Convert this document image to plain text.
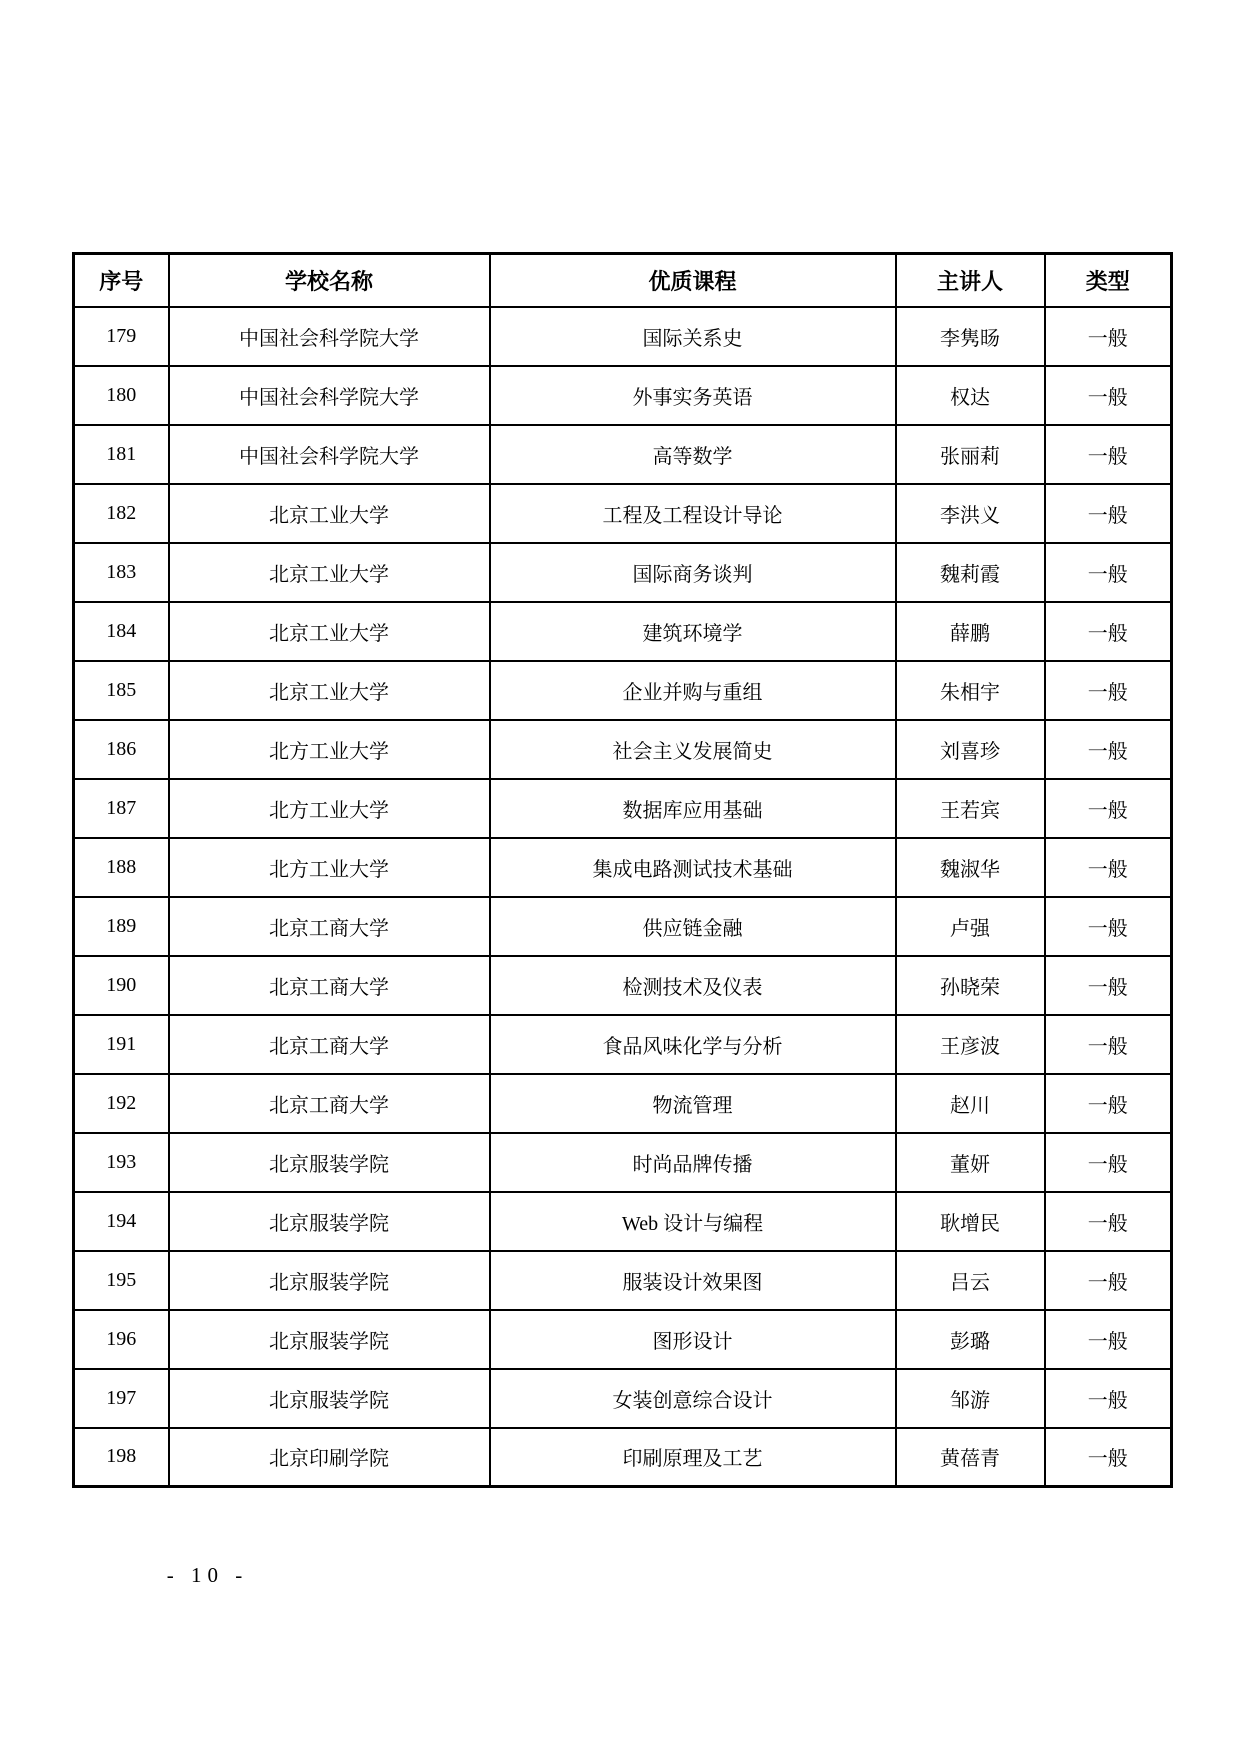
序号	学校名称	优质课程	主讲人	类型
179	中国社会科学院大学	国际关系史	李隽旸	一般
180	中国社会科学院大学	外事实务英语	权达	一般
181	中国社会科学院大学	高等数学	张丽莉	一般
182	北京工业大学	工程及工程设计导论	李洪义	一般
183	北京工业大学	国际商务谈判	魏莉霞	一般
184	北京工业大学	建筑环境学	薛鹏	一般
185	北京工业大学	企业并购与重组	朱相宇	一般
186	北方工业大学	社会主义发展简史	刘喜珍	一般
187	北方工业大学	数据库应用基础	王若宾	一般
188	北方工业大学	集成电路测试技术基础	魏淑华	一般
189	北京工商大学	供应链金融	卢强	一般
190	北京工商大学	检测技术及仪表	孙晓荣	一般
191	北京工商大学	食品风味化学与分析	王彦波	一般
192	北京工商大学	物流管理	赵川	一般
193	北京服装学院	时尚品牌传播	董妍	一般
194	北京服装学院	Web 设计与编程	耿增民	一般
195	北京服装学院	服装设计效果图	吕云	一般
196	北京服装学院	图形设计	彭璐	一般
197	北京服装学院	女装创意综合设计	邹游	一般
198	北京印刷学院	印刷原理及工艺	黄蓓青	一般
- 10 -
